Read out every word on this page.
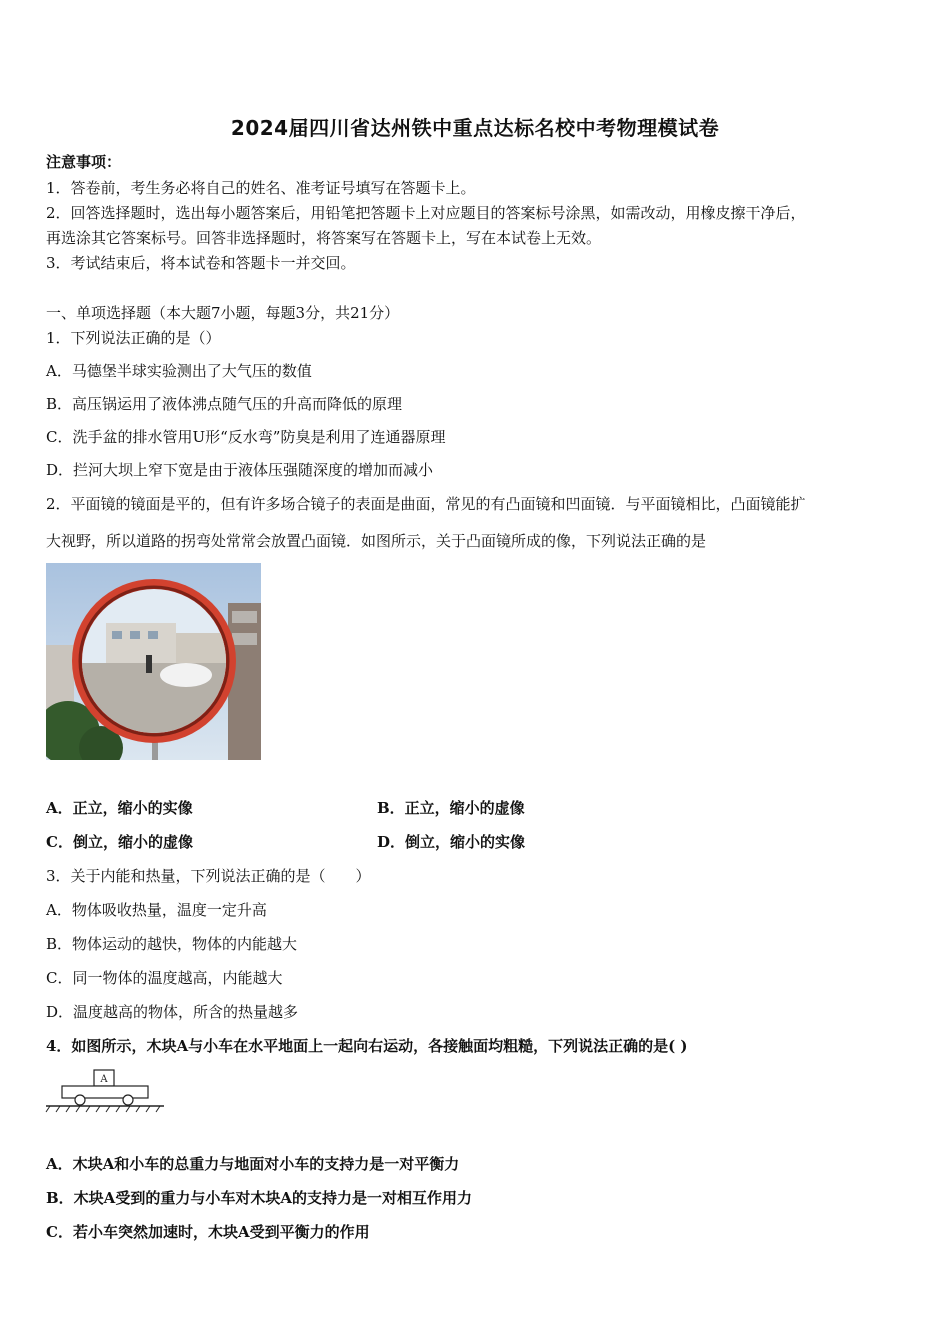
2024届四川省达州铁中重点达标名校中考物理模试卷
注意事项：
1．答卷前，考生务必将自己的姓名、准考证号填写在答题卡上。
2．回答选择题时，选出每小题答案后，用铅笔把答题卡上对应题目的答案标号涂黑，如需改动，用橡皮擦干净后，
再选涂其它答案标号。回答非选择题时，将答案写在答题卡上，写在本试卷上无效。
3．考试结束后，将本试卷和答题卡一并交回。
一、单项选择题（本大题7小题，每题3分，共21分）
1．下列说法正确的是（）
A．马德堡半球实验测出了大气压的数值
B．高压锅运用了液体沸点随气压的升高而降低的原理
C．洗手盆的排水管用U形“反水弯”防臭是利用了连通器原理
D．拦河大坝上窄下宽是由于液体压强随深度的增加而减小
2．平面镜的镜面是平的，但有许多场合镜子的表面是曲面，常见的有凸面镜和凹面镜．与平面镜相比，凸面镜能扩
大视野，所以道路的拐弯处常常会放置凸面镜．如图所示，关于凸面镜所成的像，下列说法正确的是
A．正立，缩小的实像	B．正立，缩小的虚像
C．倒立，缩小的虚像	D．倒立，缩小的实像
3．关于内能和热量，下列说法正确的是（　　）
A．物体吸收热量，温度一定升高
B．物体运动的越快，物体的内能越大
C．同一物体的温度越高，内能越大
D．温度越高的物体，所含的热量越多
4．如图所示，木块A与小车在水平地面上一起向右运动，各接触面均粗糙，下列说法正确的是( )
A
A．木块A和小车的总重力与地面对小车的支持力是一对平衡力
B．木块A受到的重力与小车对木块A的支持力是一对相互作用力
C．若小车突然加速时，木块A受到平衡力的作用
